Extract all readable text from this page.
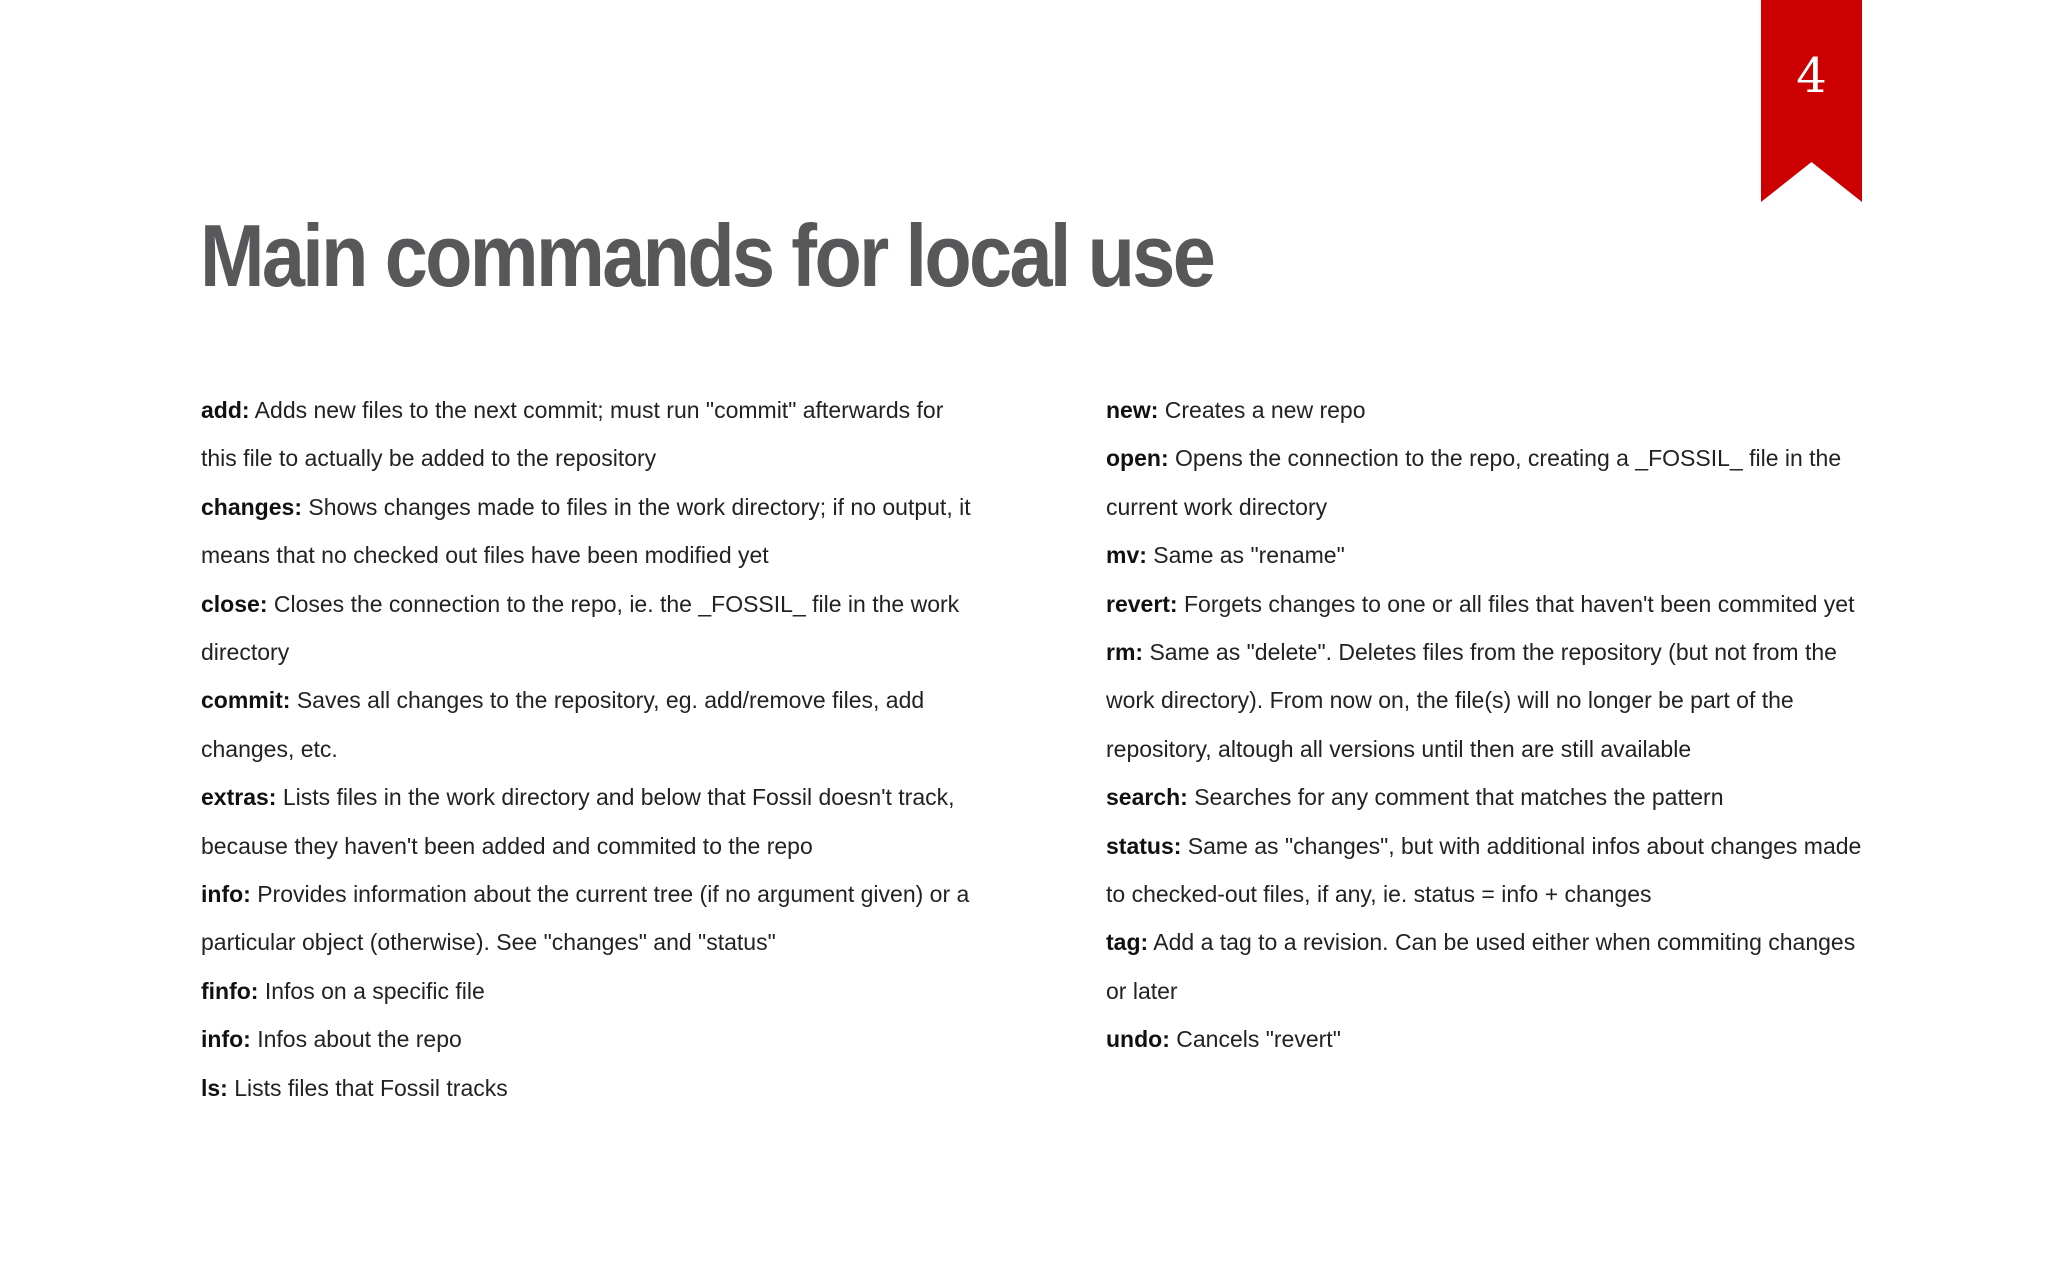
4
Main commands for local use

add: Adds new files to the next commit; must run "commit" afterwards for this file to actually be added to the repository

changes: Shows changes made to files in the work directory; if no output, it means that no checked out files have been modified yet

close: Closes the connection to the repo, ie. the _FOSSIL_ file in the work directory

commit: Saves all changes to the repository, eg. add/remove files, add changes, etc.

extras: Lists files in the work directory and below that Fossil doesn't track, because they haven't been added and commited to the repo

info: Provides information about the current tree (if no argument given) or a particular object (otherwise). See "changes" and "status"

finfo: Infos on a specific file

info: Infos about the repo

ls: Lists files that Fossil tracks

new: Creates a new repo

open: Opens the connection to the repo, creating a _FOSSIL_ file in the current work directory

mv: Same as "rename"

revert: Forgets changes to one or all files that haven't been commited yet

rm: Same as "delete". Deletes files from the repository (but not from the work directory). From now on, the file(s) will no longer be part of the repository, altough all versions until then are still available

search: Searches for any comment that matches the pattern

status: Same as "changes", but with additional infos about changes made to checked-out files, if any, ie. status = info + changes

tag: Add a tag to a revision. Can be used either when commiting changes or later

undo: Cancels "revert"
